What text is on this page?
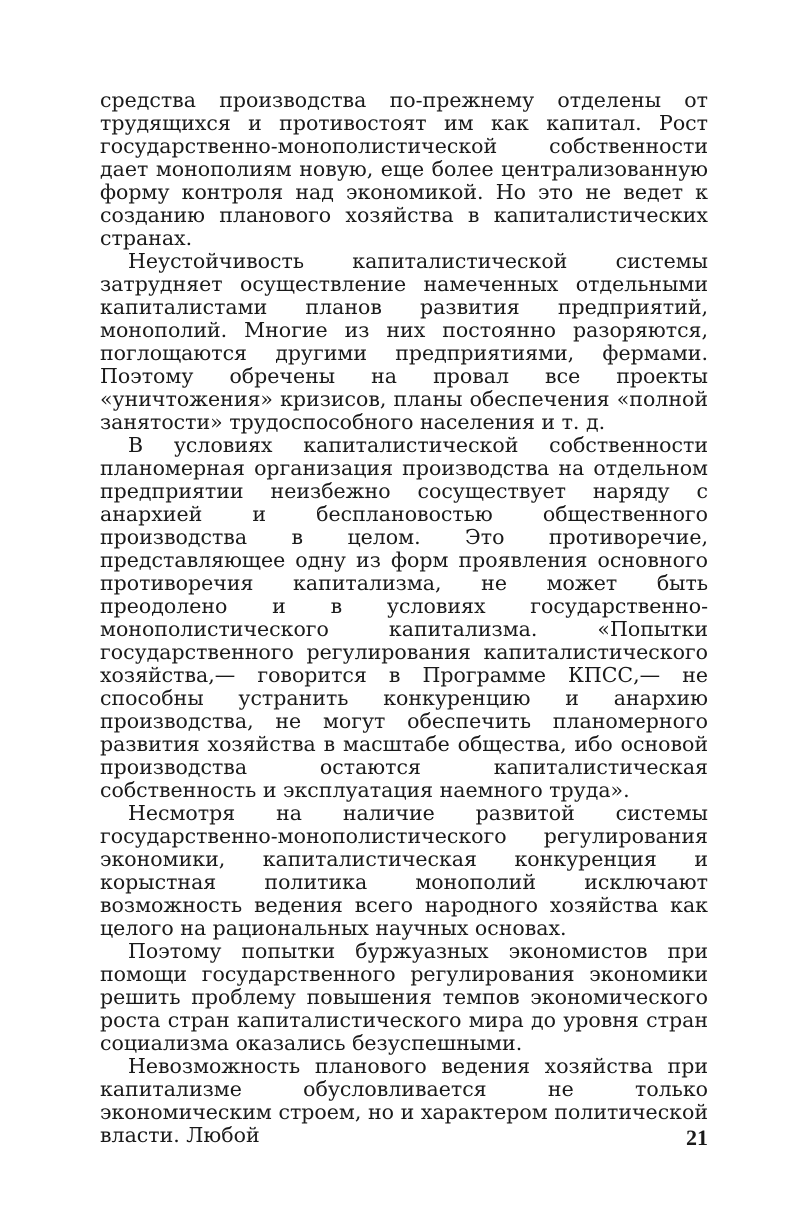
средства производства по-прежнему отделены от трудящихся и противостоят им как капитал. Рост государственно-монополистической собственности дает монополиям новую, еще более централизованную форму контроля над экономикой. Но это не ведет к созданию планового хозяйства в капиталистических странах.

Неустойчивость капиталистической системы затрудняет осуществление намеченных отдельными капиталистами планов развития предприятий, монополий. Многие из них постоянно разоряются, поглощаются другими предприятиями, фермами. Поэтому обречены на провал все проекты «уничтожения» кризисов, планы обеспечения «полной занятости» трудоспособного населения и т. д.

В условиях капиталистической собственности планомерная организация производства на отдельном предприятии неизбежно сосуществует наряду с анархией и бесплановостью общественного производства в целом. Это противоречие, представляющее одну из форм проявления основного противоречия капитализма, не может быть преодолено и в условиях государственно-монополистического капитализма. «Попытки государственного регулирования капиталистического хозяйства,— говорится в Программе КПСС,— не способны устранить конкуренцию и анархию производства, не могут обеспечить планомерного развития хозяйства в масштабе общества, ибо основой производства остаются капиталистическая собственность и эксплуатация наемного труда».

Несмотря на наличие развитой системы государственно-монополистического регулирования экономики, капиталистическая конкуренция и корыстная политика монополий исключают возможность ведения всего народного хозяйства как целого на рациональных научных основах.

Поэтому попытки буржуазных экономистов при помощи государственного регулирования экономики решить проблему повышения темпов экономического роста стран капиталистического мира до уровня стран социализма оказались безуспешными.

Невозможность планового ведения хозяйства при капитализме обусловливается не только экономическим строем, но и характером политической власти. Любой	21
